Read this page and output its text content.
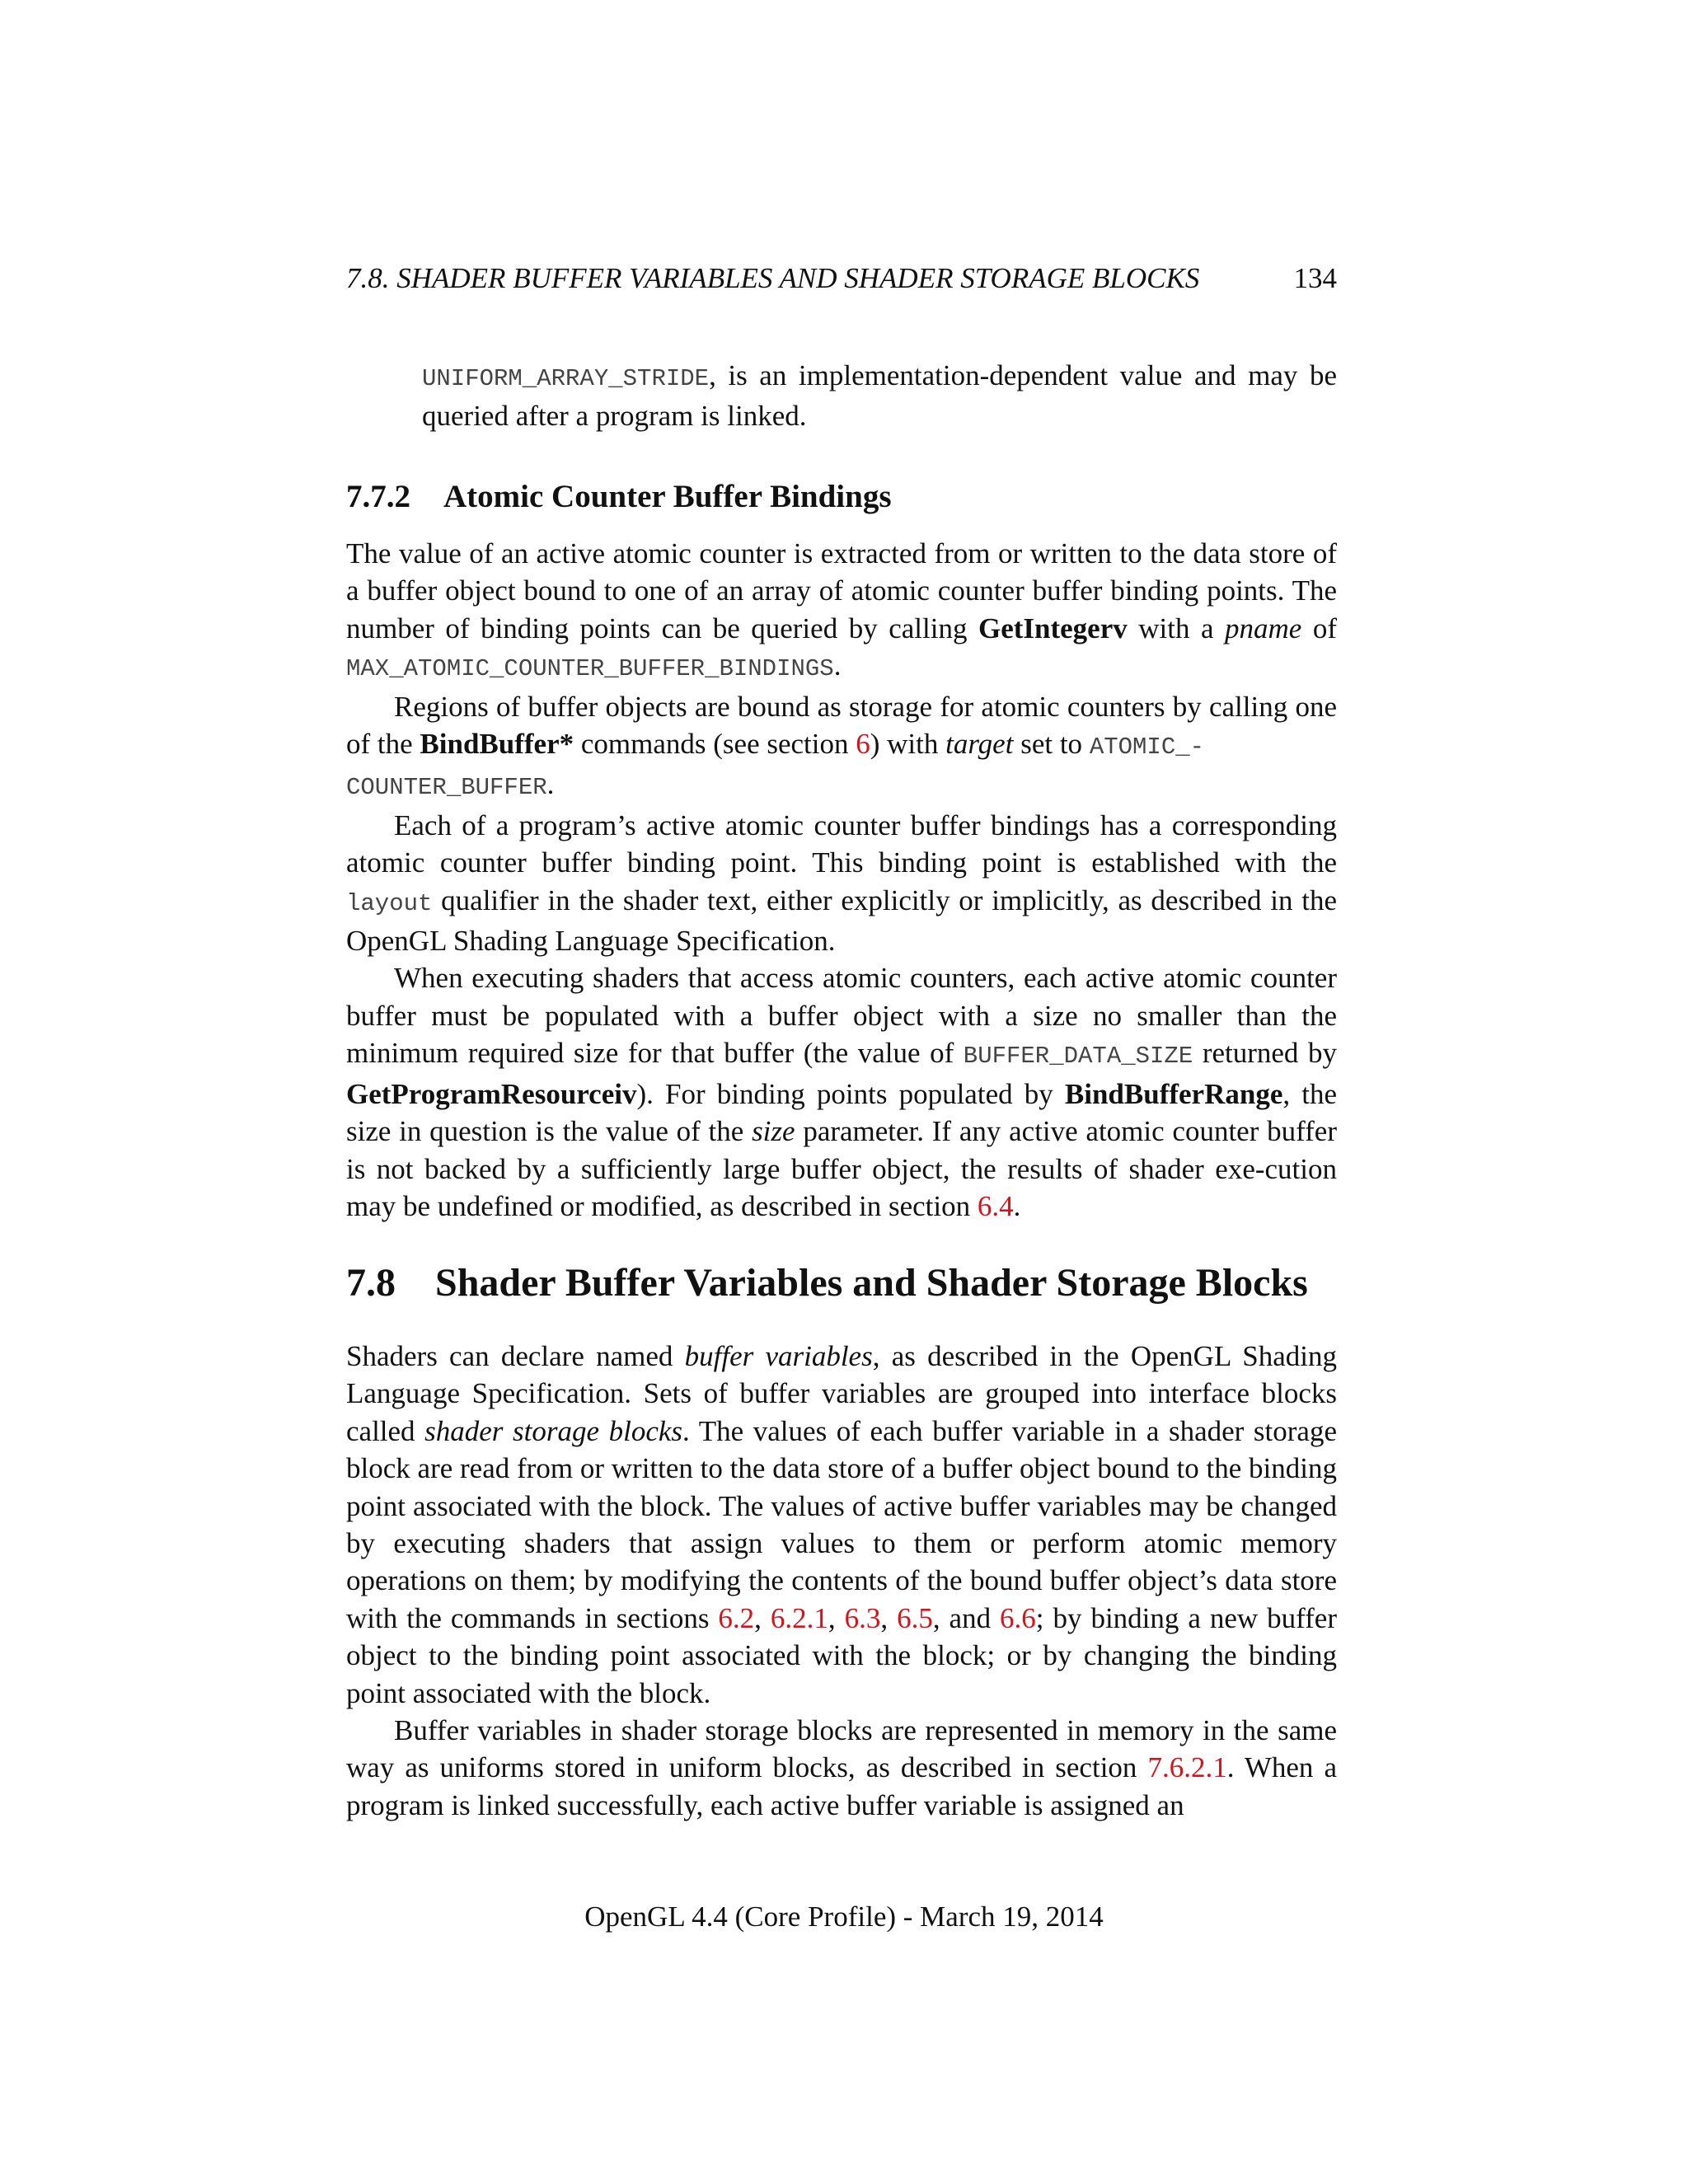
7.8. SHADER BUFFER VARIABLES AND SHADER STORAGE BLOCKS	134

UNIFORM_ARRAY_STRIDE, is an implementation-dependent value and may be queried after a program is linked.

7.7.2 Atomic Counter Buffer Bindings

The value of an active atomic counter is extracted from or written to the data store of a buffer object bound to one of an array of atomic counter buffer binding points. The number of binding points can be queried by calling GetIntegerv with a pname of MAX_ATOMIC_COUNTER_BUFFER_BINDINGS.

Regions of buffer objects are bound as storage for atomic counters by calling one of the BindBuffer* commands (see section 6) with target set to ATOMIC_-
COUNTER_BUFFER.

Each of a program’s active atomic counter buffer bindings has a corresponding atomic counter buffer binding point. This binding point is established with the layout qualifier in the shader text, either explicitly or implicitly, as described in the OpenGL Shading Language Specification.

When executing shaders that access atomic counters, each active atomic counter buffer must be populated with a buffer object with a size no smaller than the minimum required size for that buffer (the value of BUFFER_DATA_SIZE returned by GetProgramResourceiv). For binding points populated by BindBufferRange, the size in question is the value of the size parameter. If any active atomic counter buffer is not backed by a sufficiently large buffer object, the results of shader exe-cution may be undefined or modified, as described in section 6.4.

7.8 Shader Buffer Variables and Shader Storage Blocks

Shaders can declare named buffer variables, as described in the OpenGL Shading Language Specification. Sets of buffer variables are grouped into interface blocks called shader storage blocks. The values of each buffer variable in a shader storage block are read from or written to the data store of a buffer object bound to the binding point associated with the block. The values of active buffer variables may be changed by executing shaders that assign values to them or perform atomic memory operations on them; by modifying the contents of the bound buffer object’s data store with the commands in sections 6.2, 6.2.1, 6.3, 6.5, and 6.6; by binding a new buffer object to the binding point associated with the block; or by changing the binding point associated with the block.

Buffer variables in shader storage blocks are represented in memory in the same way as uniforms stored in uniform blocks, as described in section 7.6.2.1. When a program is linked successfully, each active buffer variable is assigned an

OpenGL 4.4 (Core Profile) - March 19, 2014
